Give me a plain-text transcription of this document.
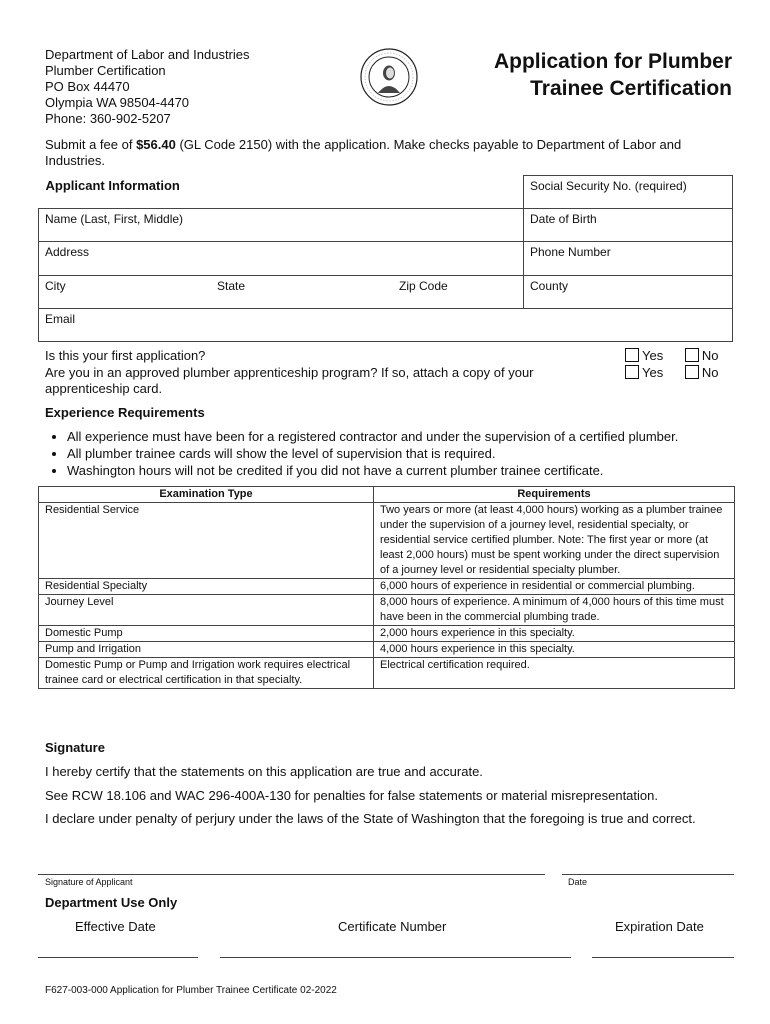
Department of Labor and Industries
Plumber Certification
PO Box 44470
Olympia WA 98504-4470
Phone: 360-902-5207
Application for Plumber
Trainee Certification
Submit a fee of $56.40 (GL Code 2150) with the application. Make checks payable to Department of Labor and Industries.
Applicant Information			Social Security No. (required)
Name (Last, First, Middle)			Date of Birth
Address			Phone Number
City	State	Zip Code	County
Email			
Is this your first application?
Are you in an approved plumber apprenticeship program? If so, attach a copy of your apprenticeship card.
Yes	No
Yes	No
Experience Requirements
• All experience must have been for a registered contractor and under the supervision of a certified plumber.
• All plumber trainee cards will show the level of supervision that is required.
• Washington hours will not be credited if you did not have a current plumber trainee certificate.
Examination Type	Requirements
Residential Service	Two years or more (at least 4,000 hours) working as a plumber trainee under the supervision of a journey level, residential specialty, or residential service certified plumber. Note: The first year or more (at least 2,000 hours) must be spent working under the direct supervision of a journey level or residential specialty plumber.
Residential Specialty	6,000 hours of experience in residential or commercial plumbing.
Journey Level	8,000 hours of experience. A minimum of 4,000 hours of this time must have been in the commercial plumbing trade.
Domestic Pump	2,000 hours experience in this specialty.
Pump and Irrigation	4,000 hours experience in this specialty.
Domestic Pump or Pump and Irrigation work requires electrical trainee card or electrical certification in that specialty.	Electrical certification required.
Signature
I hereby certify that the statements on this application are true and accurate.
See RCW 18.106 and WAC 296-400A-130 for penalties for false statements or material misrepresentation.
I declare under penalty of perjury under the laws of the State of Washington that the foregoing is true and correct.
Signature of Applicant	Date
Department Use Only
Effective Date	Certificate Number	Expiration Date
F627-003-000 Application for Plumber Trainee Certificate 02-2022
